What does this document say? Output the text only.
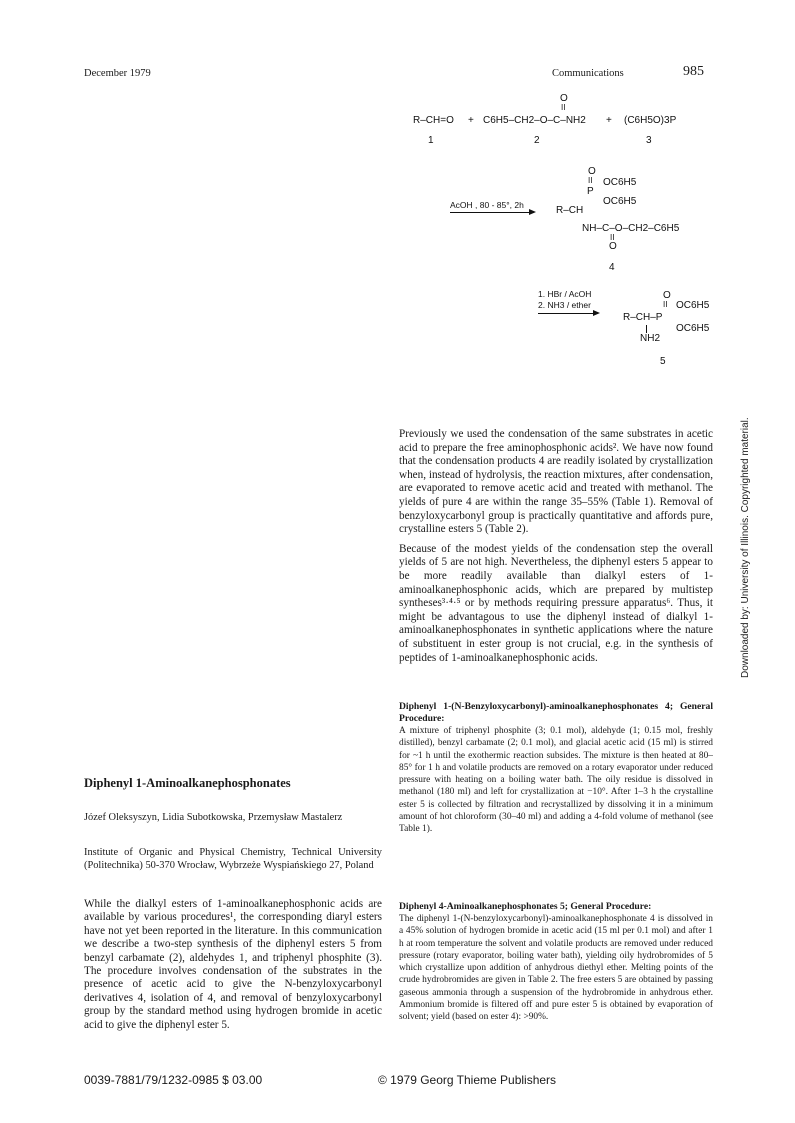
December 1979	Communications	985
O
II
R–CH=O + C6H5–CH2–O–C–NH2 + (C6H5O)3P
1	2	3
O
II OC6H5
P
OC6H5
AcOH , 80 - 85°, 2h	R–CH
NH–C–O–CH2–C6H5
II
O
4
1. HBr / AcOH
2. NH3 / ether
O
II OC6H5
R–CH–P
OC6H5
NH2
5

Previously we used the condensation of the same substrates in acetic acid to prepare the free aminophosphonic acids². We have now found that the condensation products 4 are readily isolated by crystallization when, instead of hydrolysis, the reaction mixtures, after condensation, are evaporated to remove acetic acid and treated with methanol. The yields of pure 4 are within the range 35–55% (Table 1). Removal of benzyloxycarbonyl group is practically quantitative and affords pure, crystalline esters 5 (Table 2).

Because of the modest yields of the condensation step the overall yields of 5 are not high. Nevertheless, the diphenyl esters 5 appear to be more readily available than dialkyl esters of 1-aminoalkanephosphonic acids, which are prepared by multistep syntheses³·⁴·⁵ or by methods requiring pressure apparatus⁶. Thus, it might be advantagous to use the diphenyl instead of dialkyl 1-aminoalkanephosphonates in synthetic applications where the nature of substituent in ester group is not crucial, e.g. in the synthesis of peptides of 1-aminoalkanephosphonic acids.

Diphenyl 1-(N-Benzyloxycarbonyl)-aminoalkanephosphonates 4; General Procedure:
A mixture of triphenyl phosphite (3; 0.1 mol), aldehyde (1; 0.15 mol, freshly distilled), benzyl carbamate (2; 0.1 mol), and glacial acetic acid (15 ml) is stirred for ~1 h until the exothermic reaction subsides. The mixture is then heated at 80–85° for 1 h and volatile products are removed on a rotary evaporator under reduced pressure with heating on a boiling water bath. The oily residue is dissolved in methanol (180 ml) and left for crystallization at −10°. After 1–3 h the crystalline ester 5 is collected by filtration and recrystallized by dissolving it in a minimum amount of hot chloroform (30–40 ml) and adding a 4-fold volume of methanol (see Table 1).
Diphenyl 4-Aminoalkanephosphonates 5; General Procedure:
The diphenyl 1-(N-benzyloxycarbonyl)-aminoalkanephosphonate 4 is dissolved in a 45% solution of hydrogen bromide in acetic acid (15 ml per 0.1 mol) and after 1 h at room temperature the solvent and volatile products are removed under reduced pressure (rotary evaporator, boiling water bath), yielding oily hydrobromides of 5 which crystallize upon addition of anhydrous diethyl ether. Melting points of the crude hydrobromides are given in Table 2. The free esters 5 are obtained by passing gaseous ammonia through a suspension of the hydrobromide in anhydrous ether. Ammonium bromide is filtered off and pure ester 5 is obtained by evaporation of solvent; yield (based on ester 4): >90%.
Diphenyl 1-Aminoalkanephosphonates
Józef Oleksyszyn, Lidia Subotkowska, Przemysław Mastalerz
Institute of Organic and Physical Chemistry, Technical University (Politechnika) 50-370 Wrocław, Wybrzeże Wyspiańskiego 27, Poland
While the dialkyl esters of 1-aminoalkanephosphonic acids are available by various procedures¹, the corresponding diaryl esters have not yet been reported in the literature. In this communication we describe a two-step synthesis of the diphenyl esters 5 from benzyl carbamate (2), aldehydes 1, and triphenyl phosphite (3). The procedure involves condensation of the substrates in the presence of acetic acid to give the N-benzyloxycarbonyl derivatives 4, isolation of 4, and removal of benzyloxycarbonyl group by the standard method using hydrogen bromide in acetic acid to give the diphenyl ester 5.
0039-7881/79/1232-0985 $ 03.00	© 1979 Georg Thieme Publishers
Downloaded by: University of Illinois. Copyrighted material.
